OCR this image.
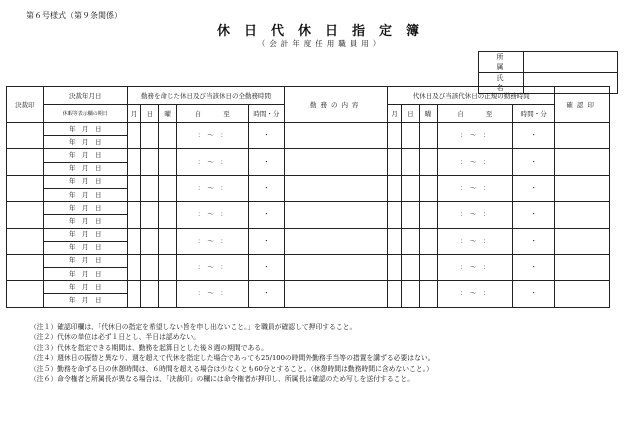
第６号様式（第９条関係）
休日代休日指定簿
（会計年度任用職員用）
所　属	
氏　名	
決裁印	決裁年月日	勤務を命じた休日及び当該休日の全勤務時間					勤務の内容	代休日及び当該代休日の正規の勤務時間					確認印
	休暇等表示欄の期日	月	日	曜	自 至	時間・分		月	日	曜	自 至	時間・分	
	年　月　日				：　～　：	・					：　～　：	・	
	年　月　日												
	年　月　日				：　～　：	・					：　～　：	・	
	年　月　日												
	年　月　日				：　～　：	・					：　～　：	・	
	年　月　日												
	年　月　日				：　～　：	・					：　～　：	・	
	年　月　日												
	年　月　日				：　～　：	・					：　～　：	・	
	年　月　日												
	年　月　日				：　～　：	・					：　～　：	・	
	年　月　日												
	年　月　日				：　～　：	・					：　～　：	・	
	年　月　日												
（注１）確認印欄は、「代休日の指定を希望しない旨を申し出ないこと。」を職員が確認して押印すること。
（注２）代休の単位は必ず１日とし、半日は認めない。
（注３）代休を指定できる期間は、勤務を起算日とした後８週の期間である。
（注４）週休日の振替と異なり、週を超えて代休を指定した場合であっても25/100の時間外勤務手当等の措置を講ずる必要はない。
（注５）勤務を命ずる日の休憩時間は、６時間を超える場合は少なくとも60分とすること。（休憩時間は勤務時間に含めないこと。）
（注６）命令権者と所属長が異なる場合は、「決裁印」の欄には命令権者が押印し、所属長は確認のため写しを送付すること。
